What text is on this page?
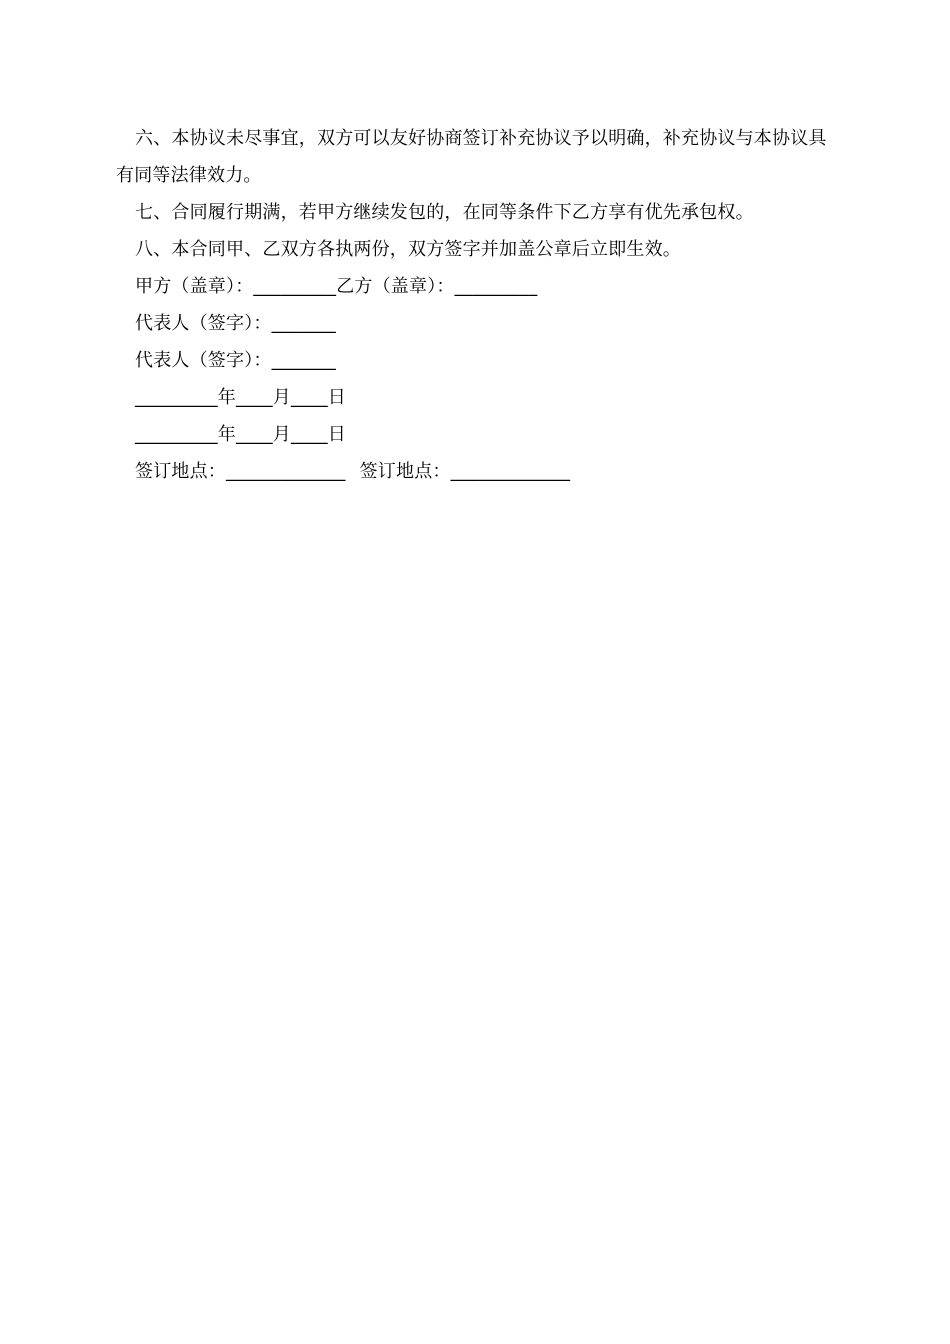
六、本协议未尽事宜，双方可以友好协商签订补充协议予以明确，补充协议与本协议具有同等法律效力。

七、合同履行期满，若甲方继续发包的，在同等条件下乙方享有优先承包权。

八、本合同甲、乙双方各执两份，双方签字并加盖公章后立即生效。

甲方（盖章）：_________乙方（盖章）：_________

代表人（签字）：_______

代表人（签字）：_______

_________年____月____日

_________年____月____日

签订地点：_____________ 签订地点：_____________
